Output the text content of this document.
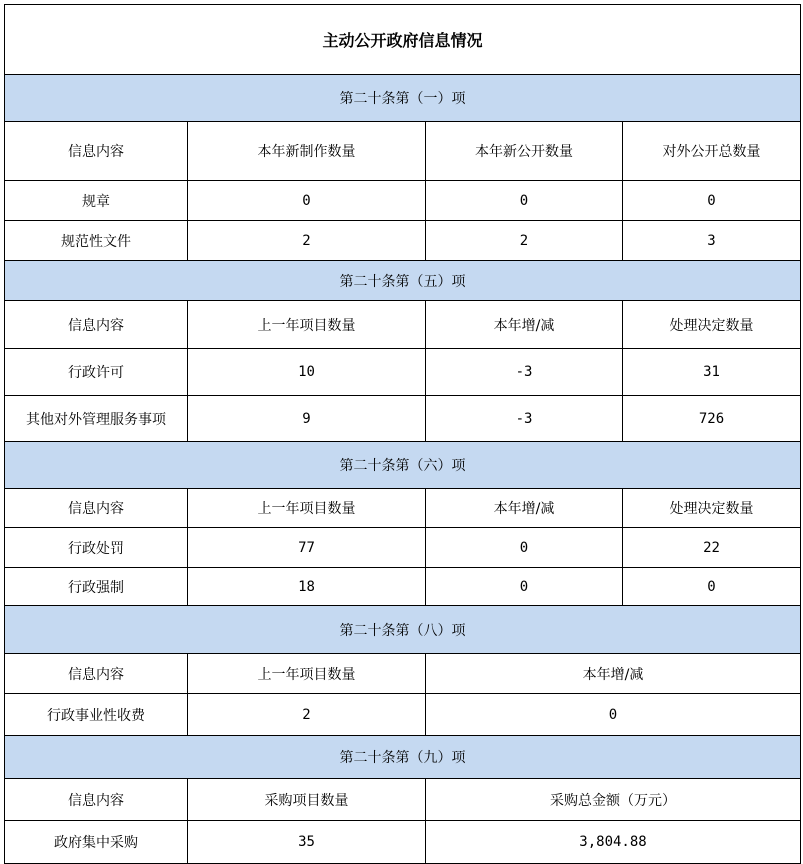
主动公开政府信息情况			
第二十条第（一）项			
信息内容	本年新制作数量	本年新公开数量	对外公开总数量
规章	0	0	0
规范性文件	2	2	3
第二十条第（五）项			
信息内容	上一年项目数量	本年增/减	处理决定数量
行政许可	10	-3	31
其他对外管理服务事项	9	-3	726
第二十条第（六）项			
信息内容	上一年项目数量	本年增/减	处理决定数量
行政处罚	77	0	22
行政强制	18	0	0
第二十条第（八）项			
信息内容	上一年项目数量	本年增/减	
行政事业性收费	2	0	
第二十条第（九）项			
信息内容	采购项目数量	采购总金额（万元）	
政府集中采购	35	3,804.88	
